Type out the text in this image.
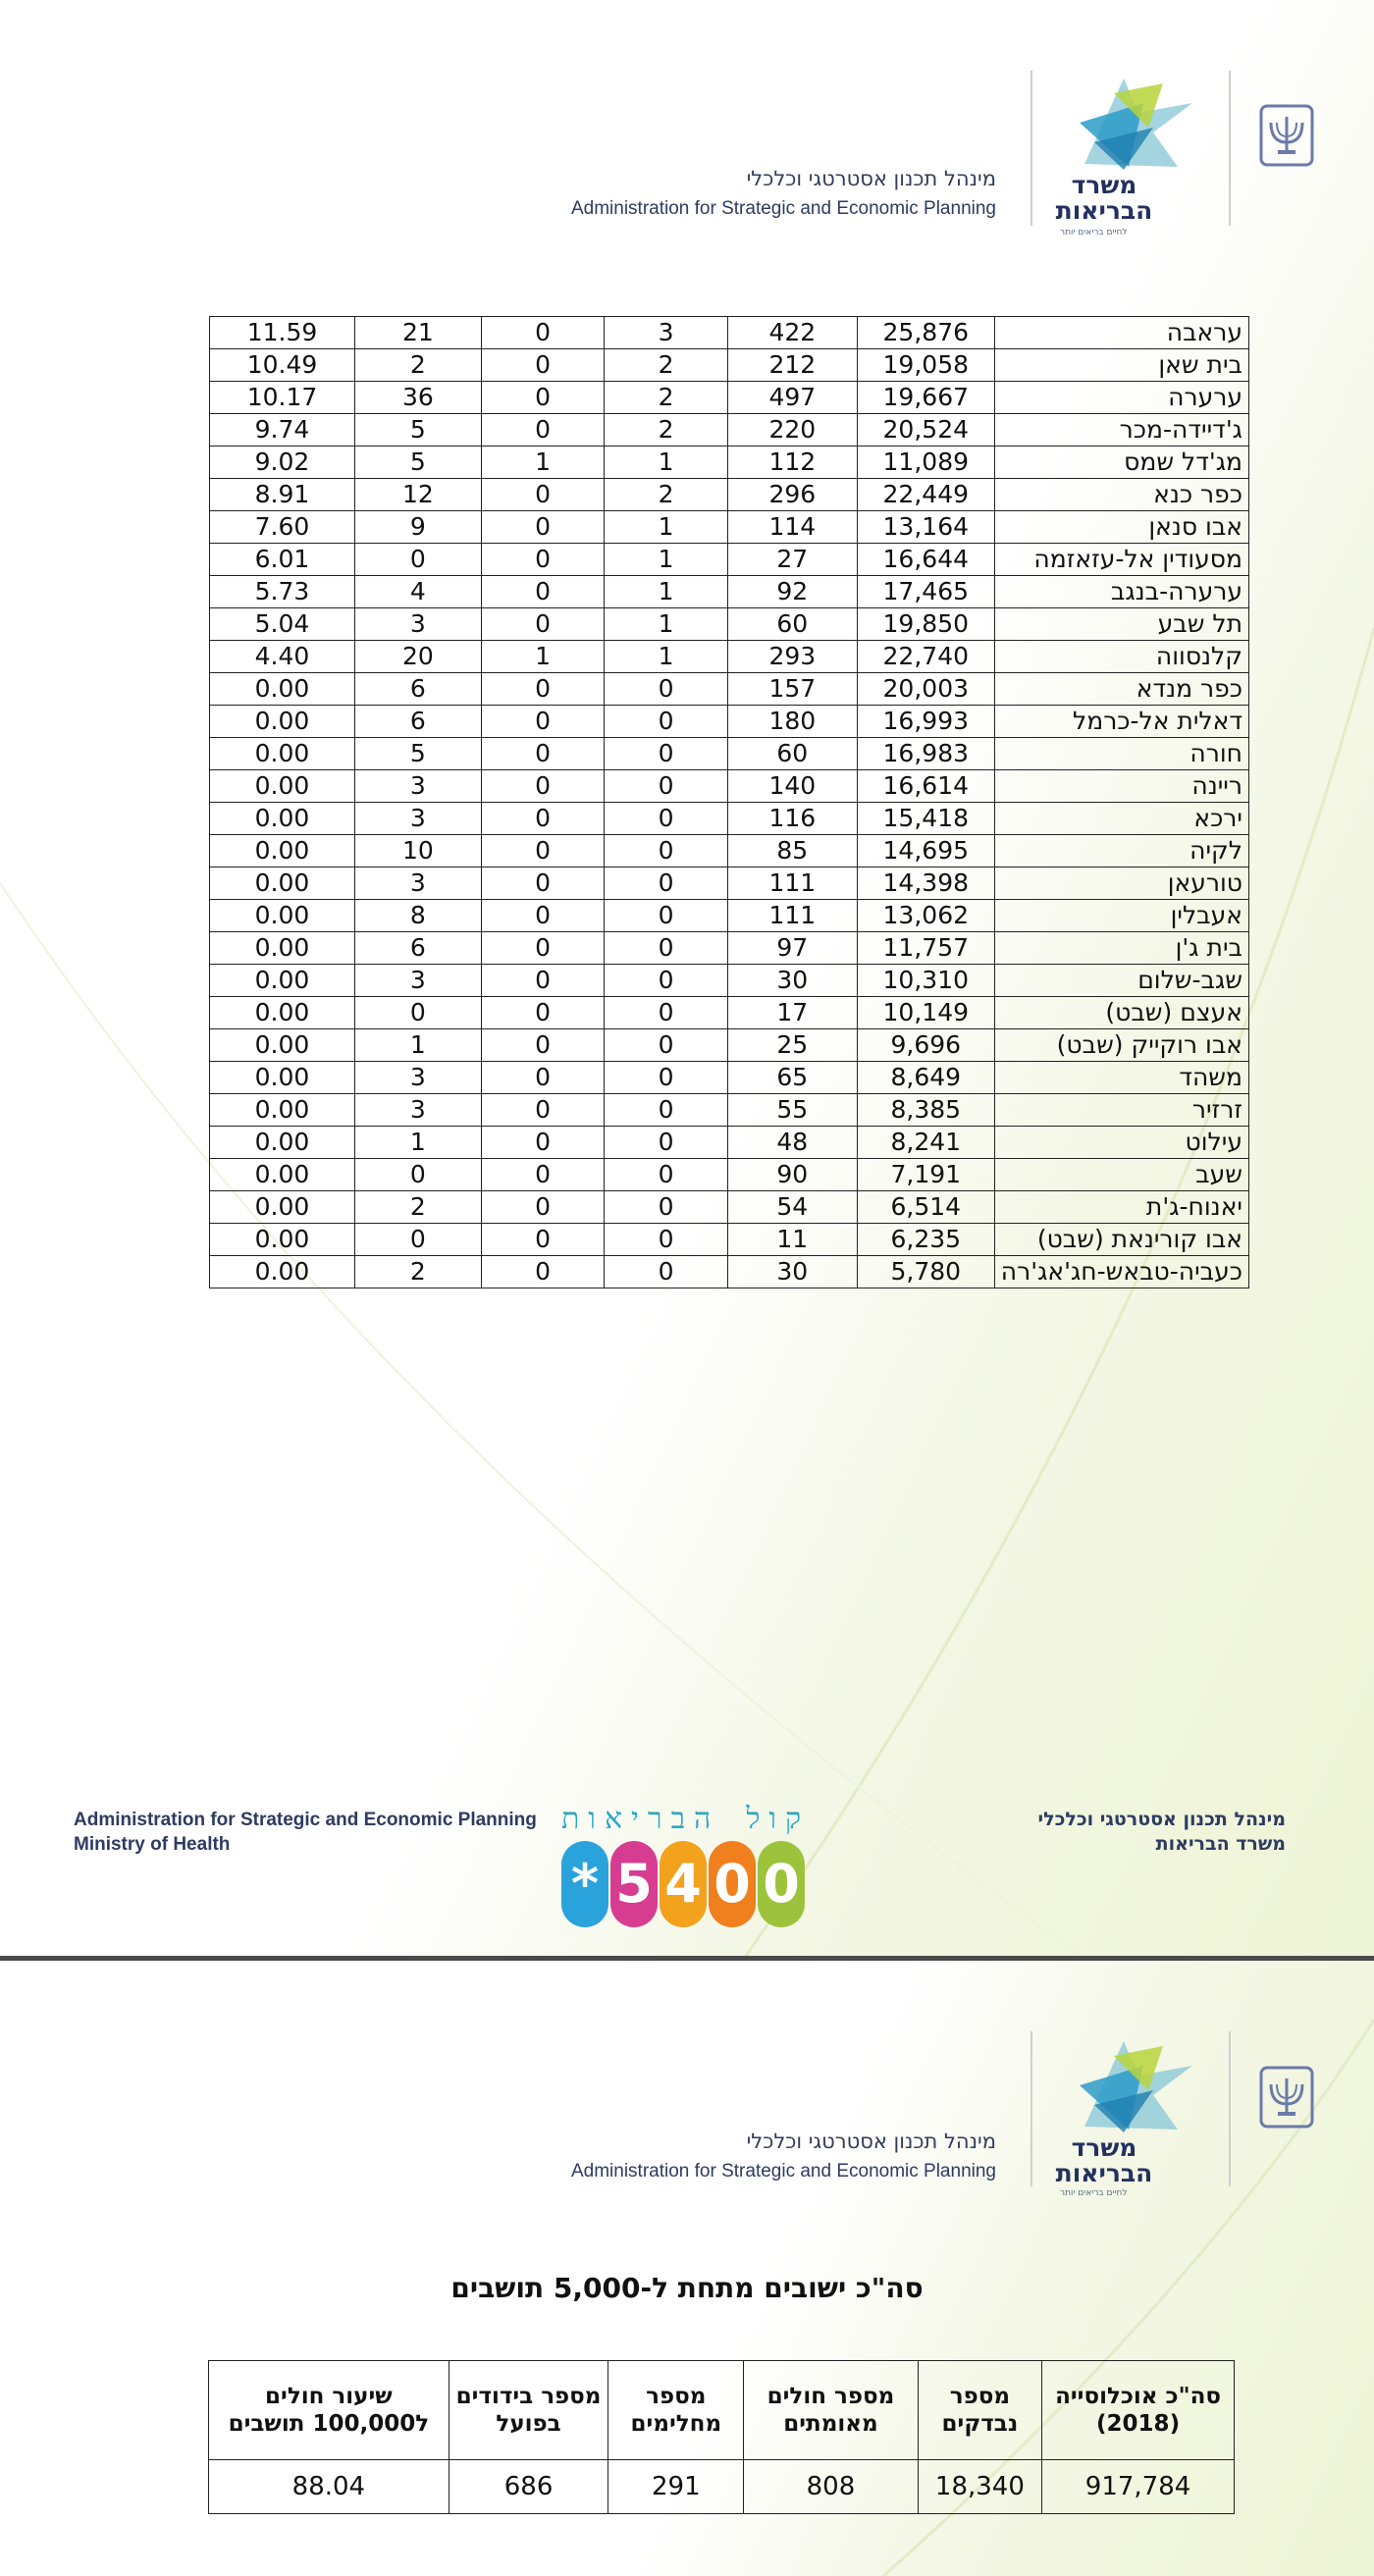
מינהל תכנון אסטרטגי וכלכלי
Administration for Strategic and Economic Planning
משרד
הבריאות
לחיים בריאים יותר
עראבה	25,876	422	3	0	21	11.59
בית שאן	19,058	212	2	0	2	10.49
ערערה	19,667	497	2	0	36	10.17
ג'דיידה-מכר	20,524	220	2	0	5	9.74
מג'דל שמס	11,089	112	1	1	5	9.02
כפר כנא	22,449	296	2	0	12	8.91
אבו סנאן	13,164	114	1	0	9	7.60
מסעודין אל-עזאזמה	16,644	27	1	0	0	6.01
ערערה-בנגב	17,465	92	1	0	4	5.73
תל שבע	19,850	60	1	0	3	5.04
קלנסווה	22,740	293	1	1	20	4.40
כפר מנדא	20,003	157	0	0	6	0.00
דאלית אל-כרמל	16,993	180	0	0	6	0.00
חורה	16,983	60	0	0	5	0.00
ריינה	16,614	140	0	0	3	0.00
ירכא	15,418	116	0	0	3	0.00
לקיה	14,695	85	0	0	10	0.00
טורעאן	14,398	111	0	0	3	0.00
אעבלין	13,062	111	0	0	8	0.00
בית ג'ן	11,757	97	0	0	6	0.00
שגב-שלום	10,310	30	0	0	3	0.00
אעצם (שבט)	10,149	17	0	0	0	0.00
אבו רוקייק (שבט)	9,696	25	0	0	1	0.00
משהד	8,649	65	0	0	3	0.00
זרזיר	8,385	55	0	0	3	0.00
עילוט	8,241	48	0	0	1	0.00
שעב	7,191	90	0	0	0	0.00
יאנוח-ג'ת	6,514	54	0	0	2	0.00
אבו קורינאת (שבט)	6,235	11	0	0	0	0.00
כעביה-טבאש-חג'אג'רה	5,780	30	0	0	2	0.00
Administration for Strategic and Economic Planning
Ministry of Health
קול הבריאות
* 5 4 0 0
מינהל תכנון אסטרטגי וכלכלי
משרד הבריאות
מינהל תכנון אסטרטגי וכלכלי
Administration for Strategic and Economic Planning
משרד
הבריאות
לחיים בריאים יותר
סה"כ ישובים מתחת ל-5,000 תושבים
סה"כ אוכלוסייה (2018)	מספר נבדקים	מספר חולים מאומתים	מספר מחלימים	מספר בידודים בפועל	שיעור חולים ל100,000 תושבים
917,784	18,340	808	291	686	88.04
